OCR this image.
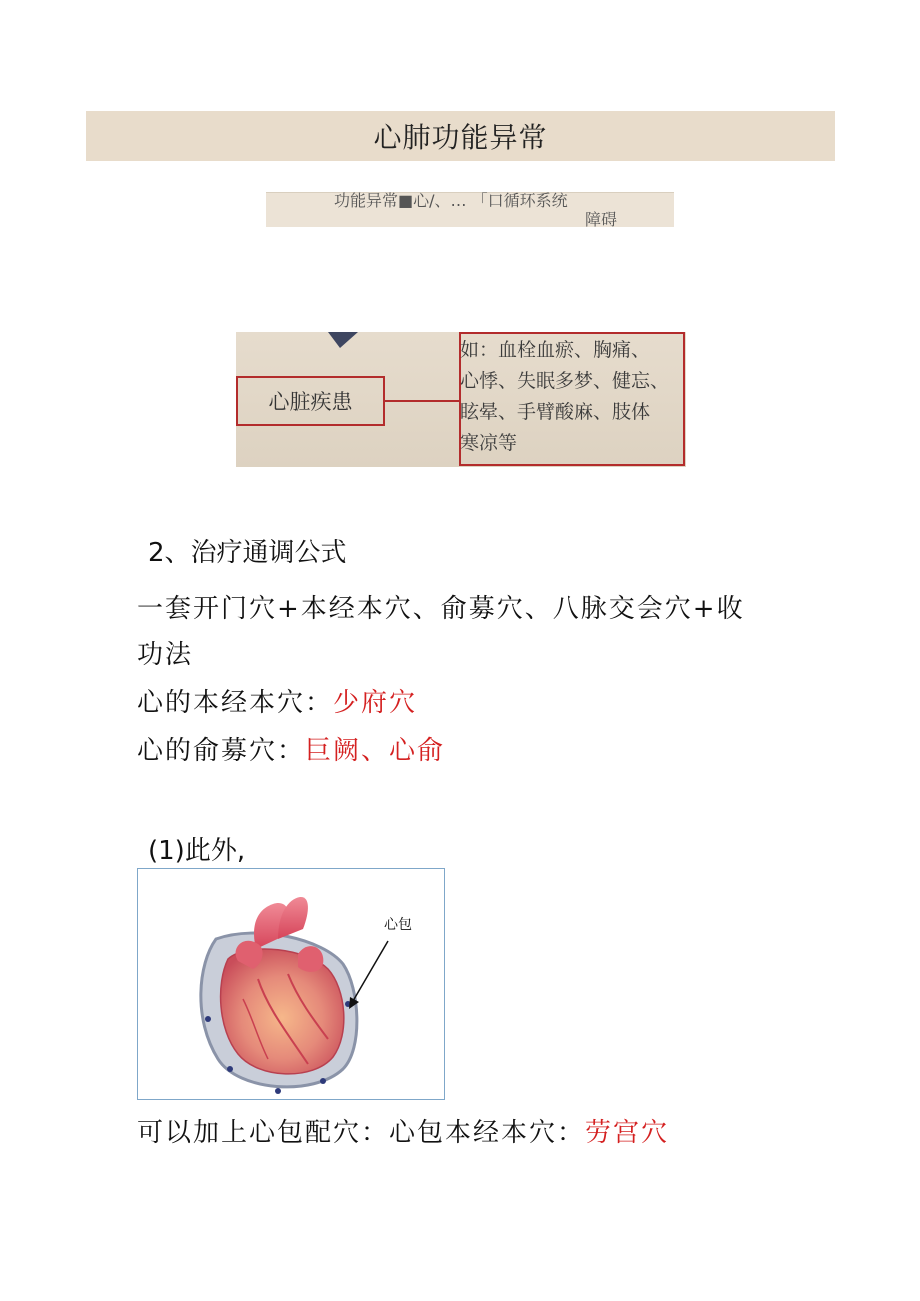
心肺功能异常
功能异常■心/、… 「口循环系统
障碍
心脏疾患
如：血栓血瘀、胸痛、
心悸、失眠多梦、健忘、
眩晕、手臂酸麻、肢体
寒凉等
2、治疗通调公式
一套开门穴+本经本穴、俞募穴、八脉交会穴+收
功法
心的本经本穴：少府穴
心的俞募穴：巨阙、心俞
(1)此外,
心包
可以加上心包配穴：心包本经本穴：劳宫穴
